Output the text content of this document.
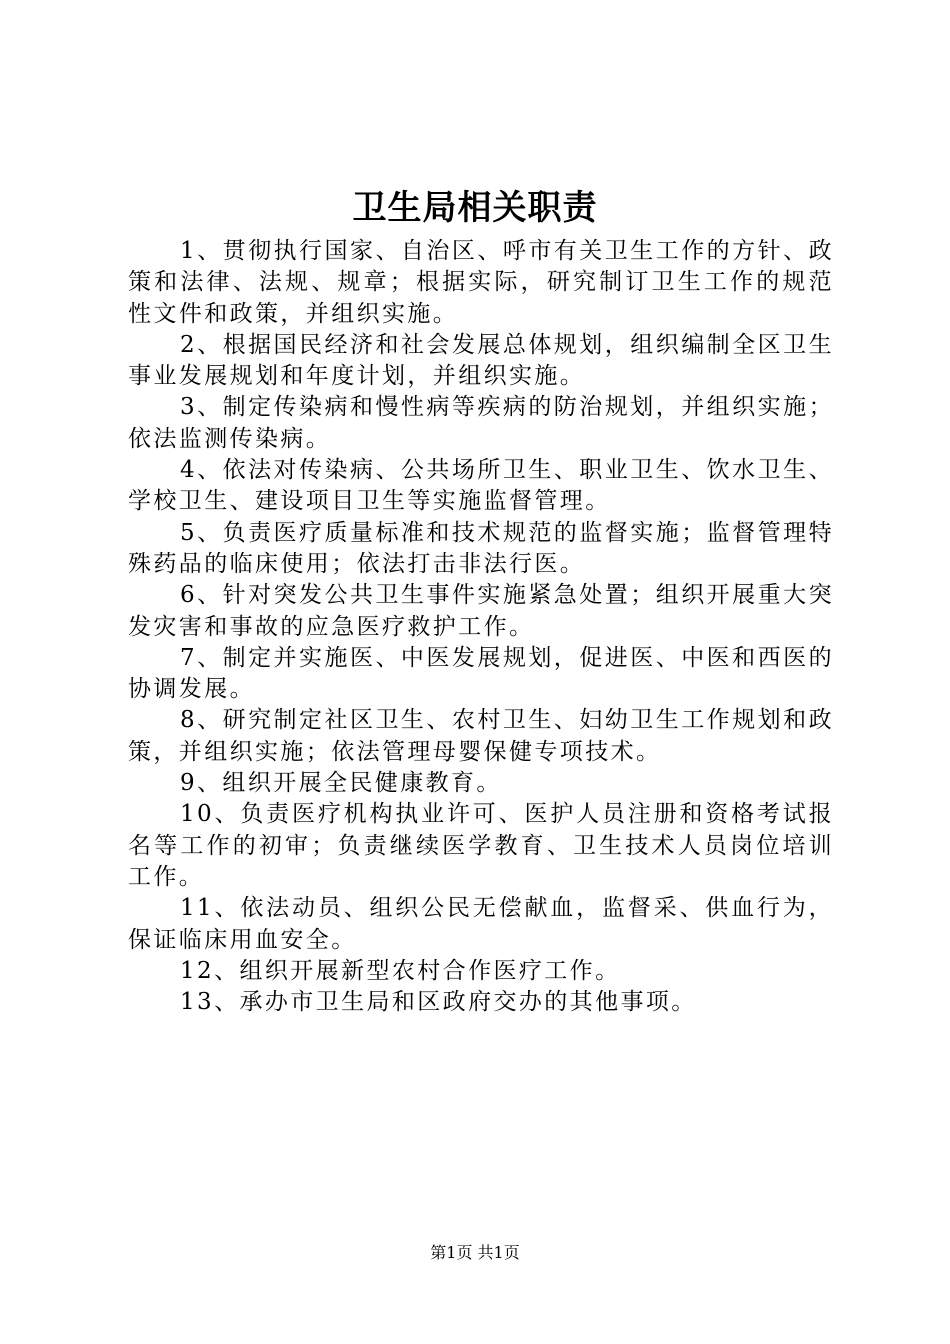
卫生局相关职责

1、贯彻执行国家、自治区、呼市有关卫生工作的方针、政策和法律、法规、规章；根据实际，研究制订卫生工作的规范性文件和政策，并组织实施。

2、根据国民经济和社会发展总体规划，组织编制全区卫生事业发展规划和年度计划，并组织实施。

3、制定传染病和慢性病等疾病的防治规划，并组织实施；依法监测传染病。

4、依法对传染病、公共场所卫生、职业卫生、饮水卫生、学校卫生、建设项目卫生等实施监督管理。

5、负责医疗质量标准和技术规范的监督实施；监督管理特殊药品的临床使用；依法打击非法行医。

6、针对突发公共卫生事件实施紧急处置；组织开展重大突发灾害和事故的应急医疗救护工作。

7、制定并实施医、中医发展规划，促进医、中医和西医的协调发展。

8、研究制定社区卫生、农村卫生、妇幼卫生工作规划和政策，并组织实施；依法管理母婴保健专项技术。

9、组织开展全民健康教育。

10、负责医疗机构执业许可、医护人员注册和资格考试报名等工作的初审；负责继续医学教育、卫生技术人员岗位培训工作。

11、依法动员、组织公民无偿献血，监督采、供血行为，保证临床用血安全。

12、组织开展新型农村合作医疗工作。

13、承办市卫生局和区政府交办的其他事项。

第1页 共1页
